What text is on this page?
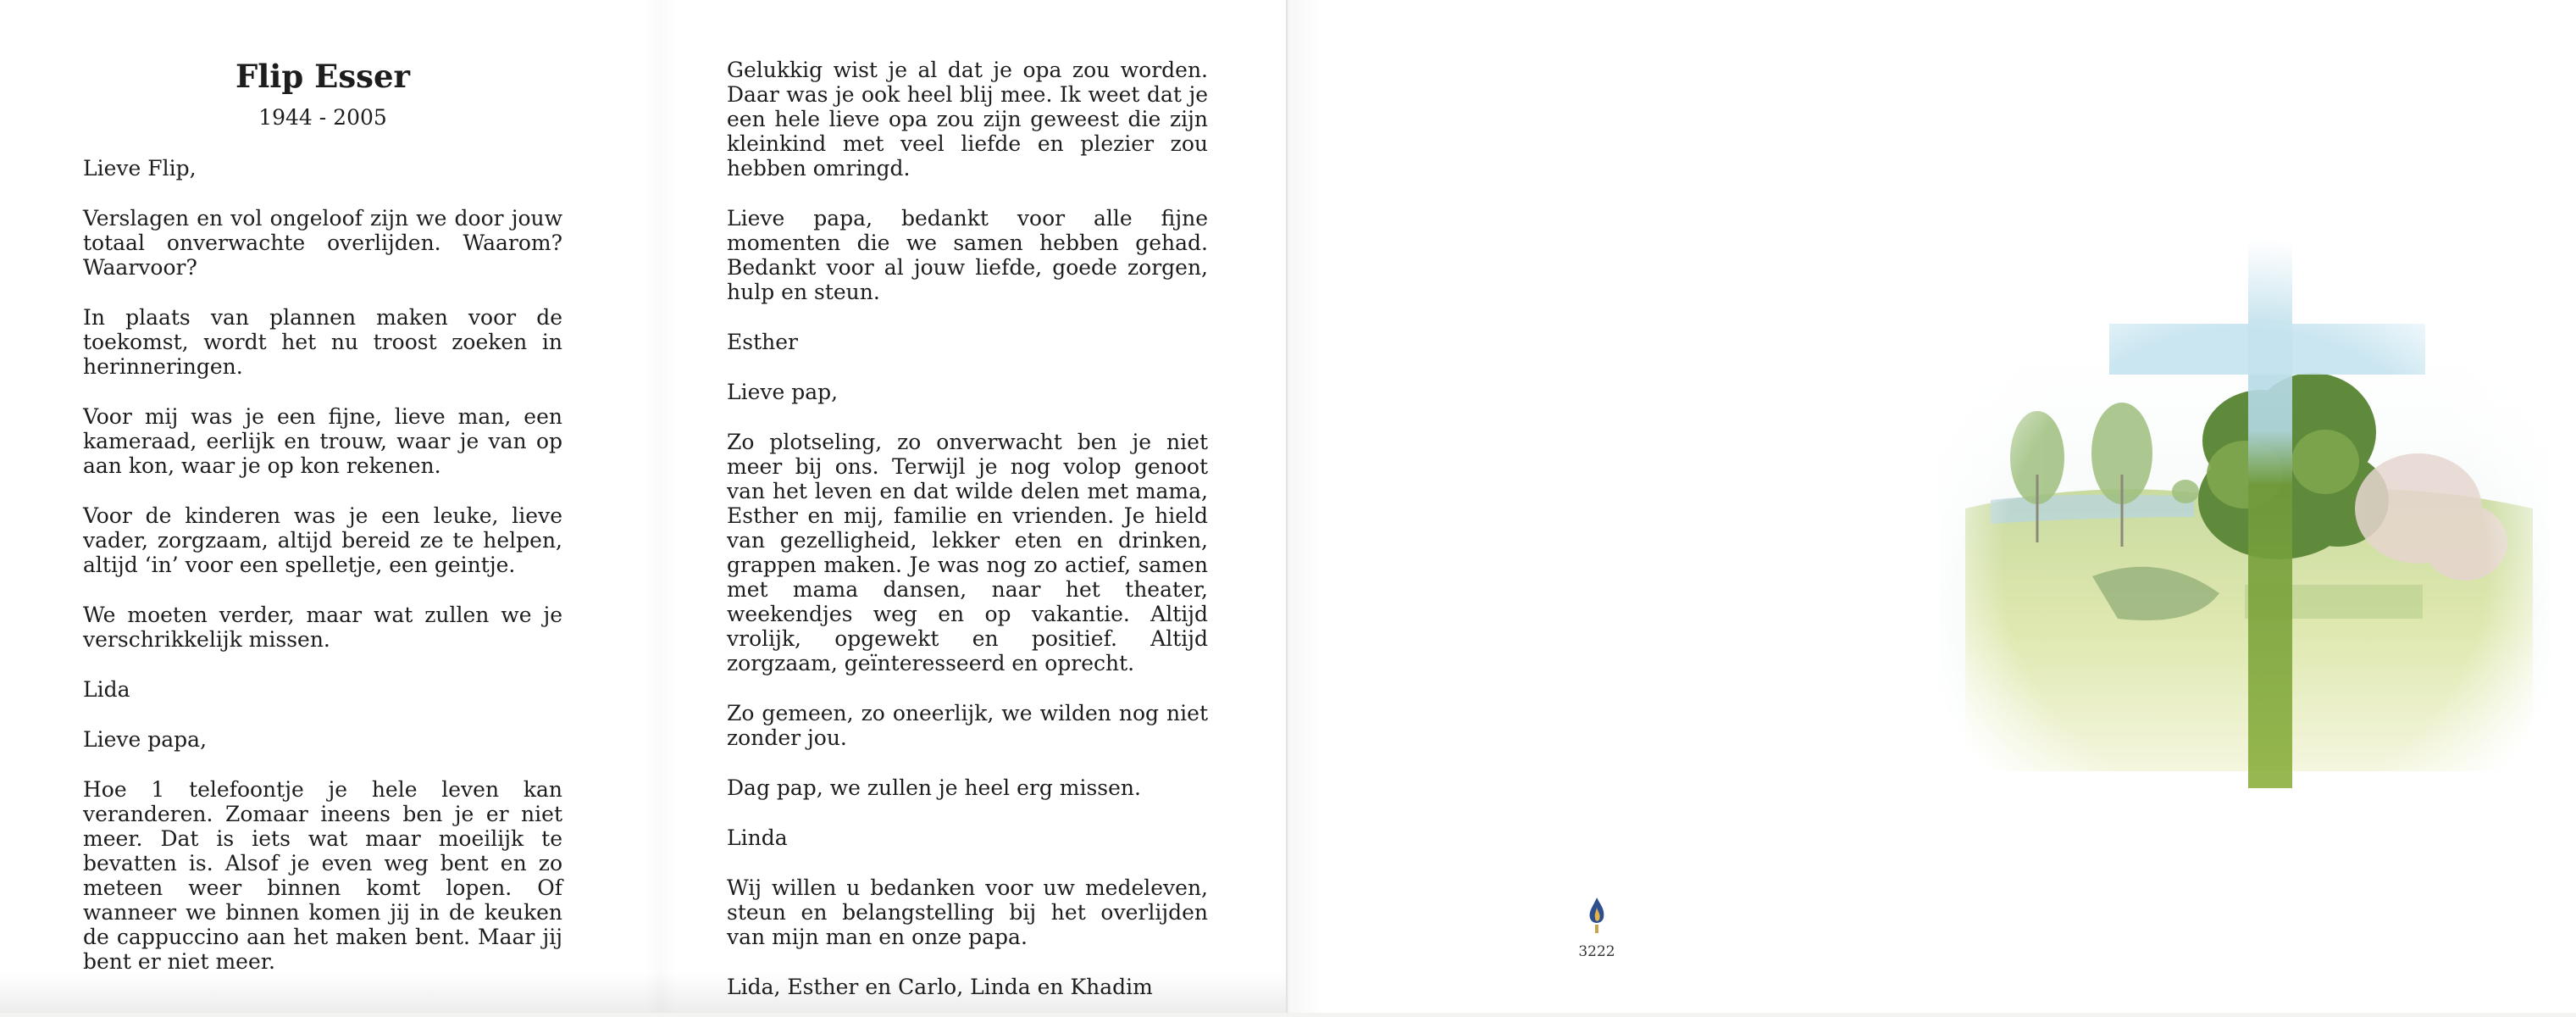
Flip Esser
1944 - 2005

Lieve Flip,

Verslagen en vol ongeloof zijn we door jouw totaal onverwachte overlijden. Waarom? Waarvoor?

In plaats van plannen maken voor de toekomst, wordt het nu troost zoeken in herinneringen.

Voor mij was je een fijne, lieve man, een kameraad, eerlijk en trouw, waar je van op aan kon, waar je op kon rekenen.

Voor de kinderen was je een leuke, lieve vader, zorgzaam, altijd bereid ze te helpen, altijd ‘in’ voor een spelletje, een geintje.

We moeten verder, maar wat zullen we je verschrikkelijk missen.

Lida

Lieve papa,

Hoe 1 telefoontje je hele leven kan veranderen. Zomaar ineens ben je er niet meer. Dat is iets wat maar moeilijk te bevatten is. Alsof je even weg bent en zo meteen weer binnen komt lopen. Of wanneer we binnen komen jij in de keuken de cappuccino aan het maken bent. Maar jij bent er niet meer.

Gelukkig wist je al dat je opa zou worden. Daar was je ook heel blij mee. Ik weet dat je een hele lieve opa zou zijn geweest die zijn kleinkind met veel liefde en plezier zou hebben omringd.

Lieve papa, bedankt voor alle fijne momenten die we samen hebben gehad. Bedankt voor al jouw liefde, goede zorgen, hulp en steun.

Esther

Lieve pap,

Zo plotseling, zo onverwacht ben je niet meer bij ons. Terwijl je nog volop genoot van het leven en dat wilde delen met mama, Esther en mij, familie en vrienden. Je hield van gezelligheid, lekker eten en drinken, grappen maken. Je was nog zo actief, samen met mama dansen, naar het theater, weekendjes weg en op vakantie. Altijd vrolijk, opgewekt en positief. Altijd zorgzaam, geïnteresseerd en oprecht.

Zo gemeen, zo oneerlijk, we wilden nog niet zonder jou.

Dag pap, we zullen je heel erg missen.

Linda

Wij willen u bedanken voor uw medeleven, steun en belangstelling bij het overlijden van mijn man en onze papa.

Lida, Esther en Carlo, Linda en Khadim

3222
